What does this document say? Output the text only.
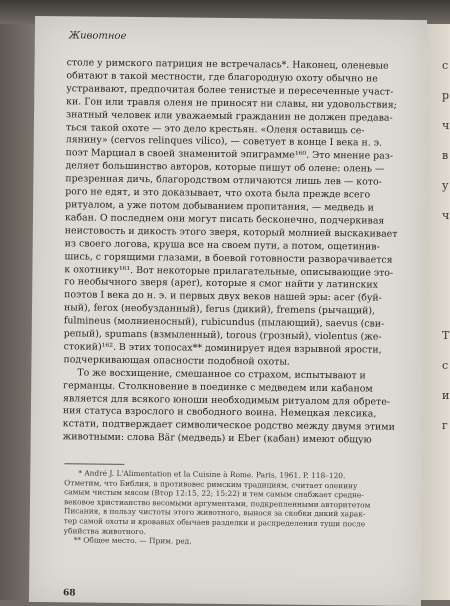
с
р
ч
в
у
ч
Т
с
и
г
Животное
столе у римского патриция не встречалась*. Наконец, оленевые
обитают в такой местности, где благородную охоту обычно не
устраивают, предпочитая более тенистые и пересеченные участ-
ки. Гон или травля оленя не приносят ни славы, ни удовольствия;
знатный человек или уважаемый гражданин не должен предава-
ться такой охоте — это дело крестьян. «Оленя оставишь се-
лянину» (cervos relinques vilico), — советует в конце I века н. э.
поэт Марциал в своей знаменитой эпиграмме¹⁶⁰. Это мнение раз-
деляет большинство авторов, которые пишут об олене: олень —
презренная дичь, благородством отличаются лишь лев — кото-
рого не едят, и это доказывает, что охота была прежде всего
ритуалом, а уже потом добыванием пропитания, — медведь и
кабан. О последнем они могут писать бесконечно, подчеркивая
неистовость и дикость этого зверя, который молнией выскакивает
из своего логова, круша все на своем пути, а потом, ощетинив-
шись, с горящими глазами, в боевой готовности разворачивается
к охотнику¹⁶¹. Вот некоторые прилагательные, описывающие это-
го необычного зверя (aper), которые я смог найти у латинских
поэтов I века до н. э. и первых двух веков нашей эры: acer (буй-
ный), ferox (необузданный), ferus (дикий), fremens (рычащий),
fulmineus (молниеносный), rubicundus (пылающий), saevus (сви-
репый), spumans (взмыленный), torous (грозный), violentus (же-
стокий)¹⁶². В этих топосах** доминирует идея взрывной ярости,
подчеркивающая опасности подобной охоты.
То же восхищение, смешанное со страхом, испытывают и
германцы. Столкновение в поединке с медведем или кабаном
является для всякого юноши необходимым ритуалом для обрете-
ния статуса взрослого и свободного воина. Немецкая лексика,
кстати, подтверждает символическое родство между двумя этими
животными: слова Bär (медведь) и Eber (кабан) имеют общую
* André J. L'Alimentation et la Cuisine à Rome. Paris, 1961. P. 118–120.
Отметим, что Библия, в противовес римским традициям, считает оленину
самым чистым мясом (Втор 12:15, 22; 15:22) и тем самым снабжает средне-
вековое христианство весомыми аргументами, подкрепленными авторитетом
Писания, в пользу чистоты этого животного, вынося за скобки дикий харак-
тер самой охоты и кровавых обычаев разделки и распределения туши после
убийства животного.

** Общее место. — Прим. ред.

68
